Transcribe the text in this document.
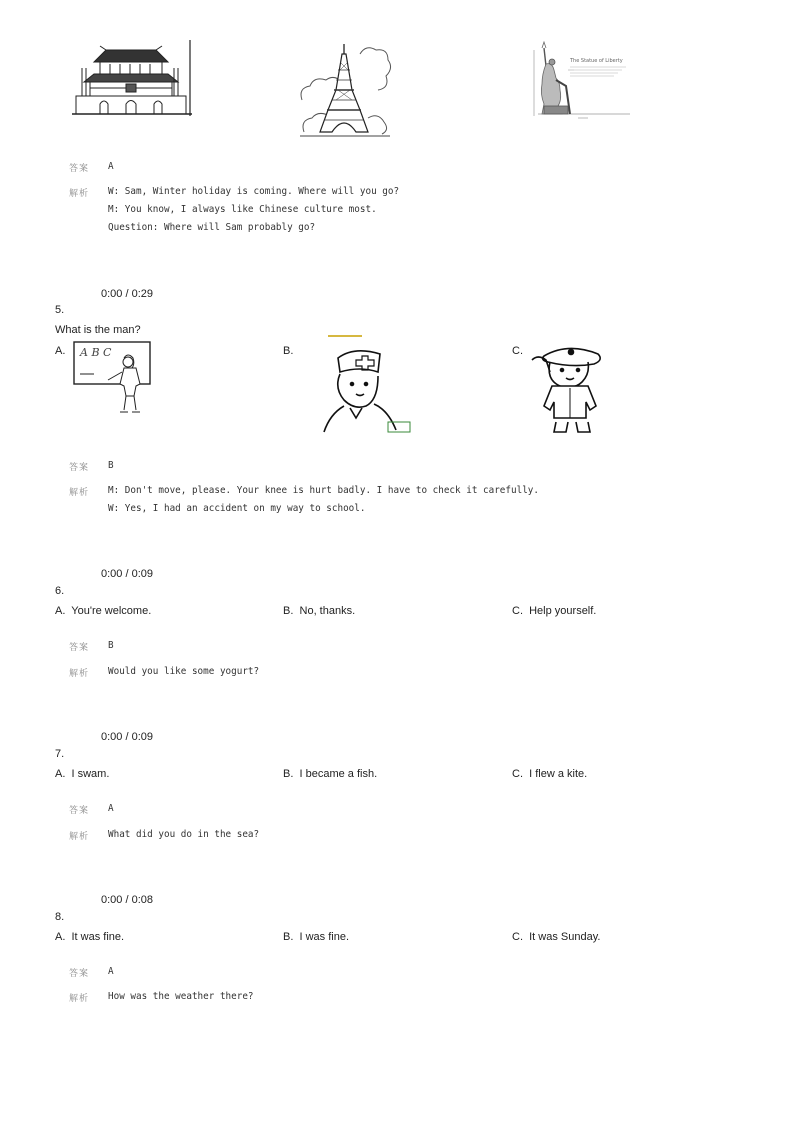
The Statue of Liberty
答案 A
解析 W: Sam, Winter holiday is coming. Where will you go?
M: You know, I always like Chinese culture most.
Question: Where will Sam probably go?
0:00 / 0:29
5.
What is the man?
A. A B C	B.	C.
答案 B
解析 M: Don't move, please. Your knee is hurt badly. I have to check it carefully.
W: Yes, I had an accident on my way to school.
0:00 / 0:09
6.
A.  You're welcome.	B.  No, thanks.	C.  Help yourself.
答案 B
解析 Would you like some yogurt?
0:00 / 0:09
7.
A.  I swam.	B.  I became a fish.	C.  I flew a kite.
答案 A
解析 What did you do in the sea?
0:00 / 0:08
8.
A.  It was fine.	B.  I was fine.	C.  It was Sunday.
答案 A
解析 How was the weather there?
